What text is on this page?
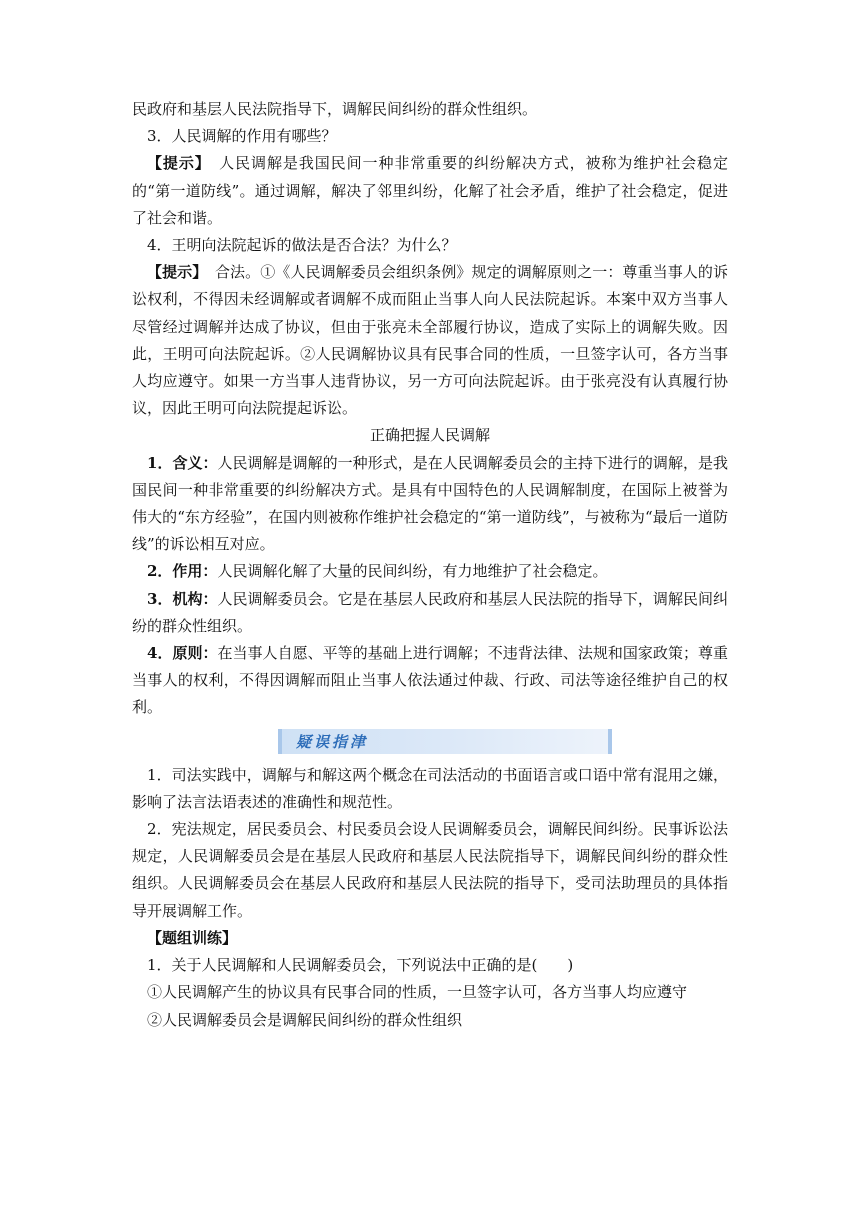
民政府和基层人民法院指导下，调解民间纠纷的群众性组织。

3．人民调解的作用有哪些？

【提示】　人民调解是我国民间一种非常重要的纠纷解决方式，被称为维护社会稳定的“第一道防线”。通过调解，解决了邻里纠纷，化解了社会矛盾，维护了社会稳定，促进了社会和谐。

4．王明向法院起诉的做法是否合法？为什么？

【提示】　合法。①《人民调解委员会组织条例》规定的调解原则之一：尊重当事人的诉讼权利，不得因未经调解或者调解不成而阻止当事人向人民法院起诉。本案中双方当事人尽管经过调解并达成了协议，但由于张亮未全部履行协议，造成了实际上的调解失败。因此，王明可向法院起诉。②人民调解协议具有民事合同的性质，一旦签字认可，各方当事人均应遵守。如果一方当事人违背协议，另一方可向法院起诉。由于张亮没有认真履行协议，因此王明可向法院提起诉讼。

正确把握人民调解

1．含义：人民调解是调解的一种形式，是在人民调解委员会的主持下进行的调解，是我国民间一种非常重要的纠纷解决方式。是具有中国特色的人民调解制度，在国际上被誉为伟大的“东方经验”，在国内则被称作维护社会稳定的“第一道防线”，与被称为“最后一道防线”的诉讼相互对应。

2．作用：人民调解化解了大量的民间纠纷，有力地维护了社会稳定。

3．机构：人民调解委员会。它是在基层人民政府和基层人民法院的指导下，调解民间纠纷的群众性组织。

4．原则：在当事人自愿、平等的基础上进行调解；不违背法律、法规和国家政策；尊重当事人的权利，不得因调解而阻止当事人依法通过仲裁、行政、司法等途径维护自己的权利。

疑误指津

1．司法实践中，调解与和解这两个概念在司法活动的书面语言或口语中常有混用之嫌，影响了法言法语表述的准确性和规范性。

2．宪法规定，居民委员会、村民委员会设人民调解委员会，调解民间纠纷。民事诉讼法规定，人民调解委员会是在基层人民政府和基层人民法院指导下，调解民间纠纷的群众性组织。人民调解委员会在基层人民政府和基层人民法院的指导下，受司法助理员的具体指导开展调解工作。

【题组训练】

1．关于人民调解和人民调解委员会，下列说法中正确的是(　　)

①人民调解产生的协议具有民事合同的性质，一旦签字认可，各方当事人均应遵守

②人民调解委员会是调解民间纠纷的群众性组织
